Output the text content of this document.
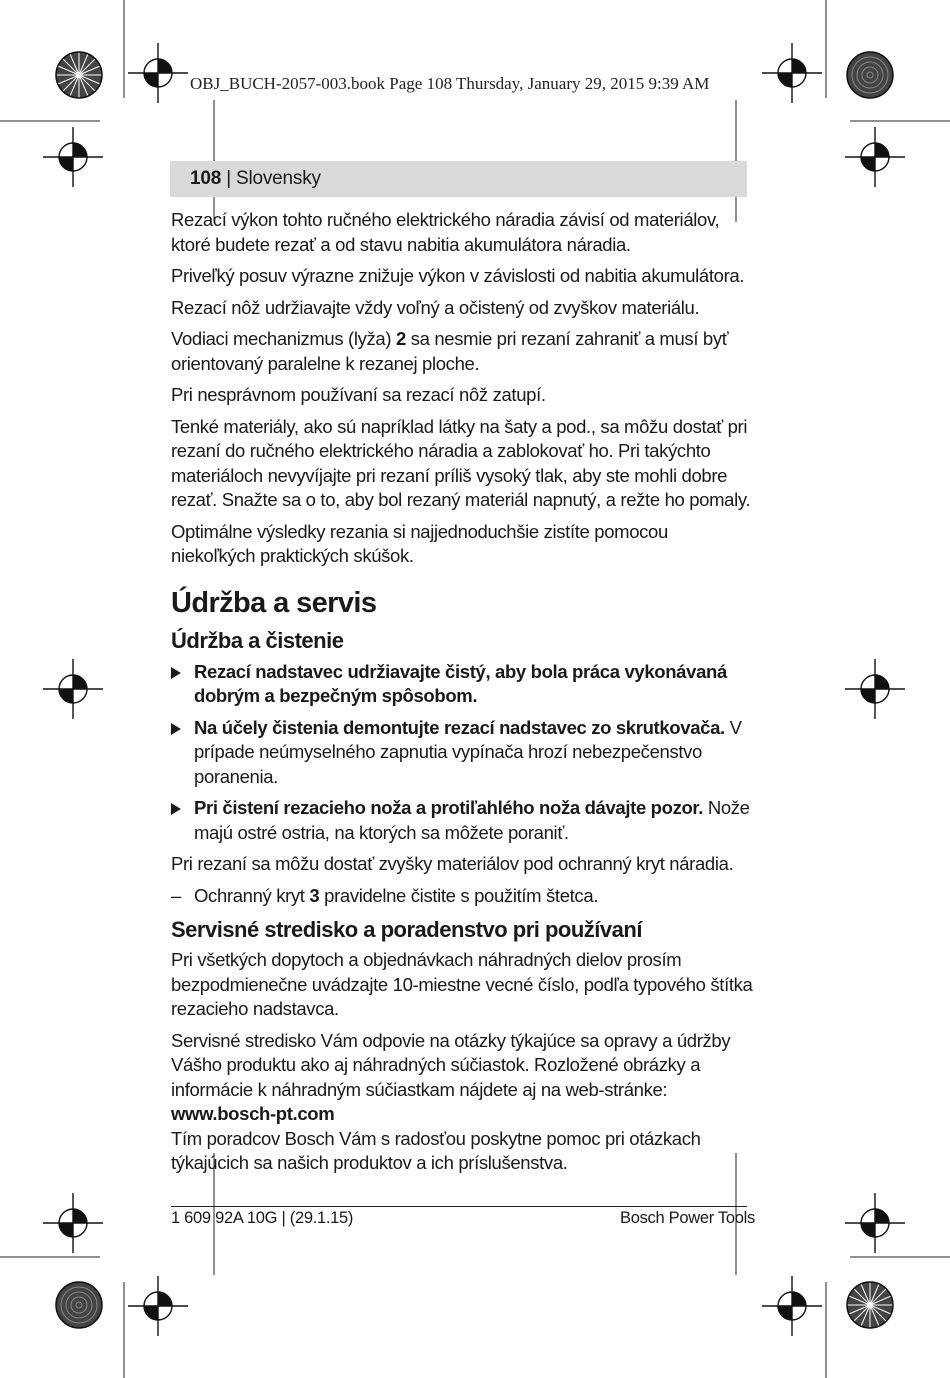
OBJ_BUCH-2057-003.book Page 108 Thursday, January 29, 2015 9:39 AM
108 | Slovensky

Rezací výkon tohto ručného elektrického náradia závisí od materiálov, ktoré budete rezať a od stavu nabitia akumulátora náradia.

Priveľký posuv výrazne znižuje výkon v závislosti od nabitia akumulátora.

Rezací nôž udržiavajte vždy voľný a očistený od zvyškov materiálu.

Vodiaci mechanizmus (lyža) 2 sa nesmie pri rezaní zahraniť a musí byť orientovaný paralelne k rezanej ploche.

Pri nesprávnom používaní sa rezací nôž zatupí.

Tenké materiály, ako sú napríklad látky na šaty a pod., sa môžu dostať pri rezaní do ručného elektrického náradia a zablokovať ho. Pri takýchto materiáloch nevyvíjajte pri rezaní príliš vysoký tlak, aby ste mohli dobre rezať. Snažte sa o to, aby bol rezaný materiál napnutý, a režte ho pomaly.

Optimálne výsledky rezania si najjednoduchšie zistíte pomocou niekoľkých praktických skúšok.

Údržba a servis
Údržba a čistenie
Rezací nadstavec udržiavajte čistý, aby bola práca vykonávaná dobrým a bezpečným spôsobom.
Na účely čistenia demontujte rezací nadstavec zo skrutkovača. V prípade neúmyselného zapnutia vypínača hrozí nebezpečenstvo poranenia.
Pri čistení rezacieho noža a protiľahlého noža dávajte pozor. Nože majú ostré ostria, na ktorých sa môžete poraniť.

Pri rezaní sa môžu dostať zvyšky materiálov pod ochranný kryt náradia.

– Ochranný kryt 3 pravidelne čistite s použitím štetca.
Servisné stredisko a poradenstvo pri používaní

Pri všetkých dopytoch a objednávkach náhradných dielov prosím bezpodmienečne uvádzajte 10-miestne vecné číslo, podľa typového štítka rezacieho nadstavca.

Servisné stredisko Vám odpovie na otázky týkajúce sa opravy a údržby Vášho produktu ako aj náhradných súčiastok. Rozložené obrázky a informácie k náhradným súčiastkam nájdete aj na web-stránke:

www.bosch-pt.com

Tím poradcov Bosch Vám s radosťou poskytne pomoc pri otázkach týkajúcich sa našich produktov a ich príslušenstva.

1 609 92A 10G | (29.1.15)	Bosch Power Tools
